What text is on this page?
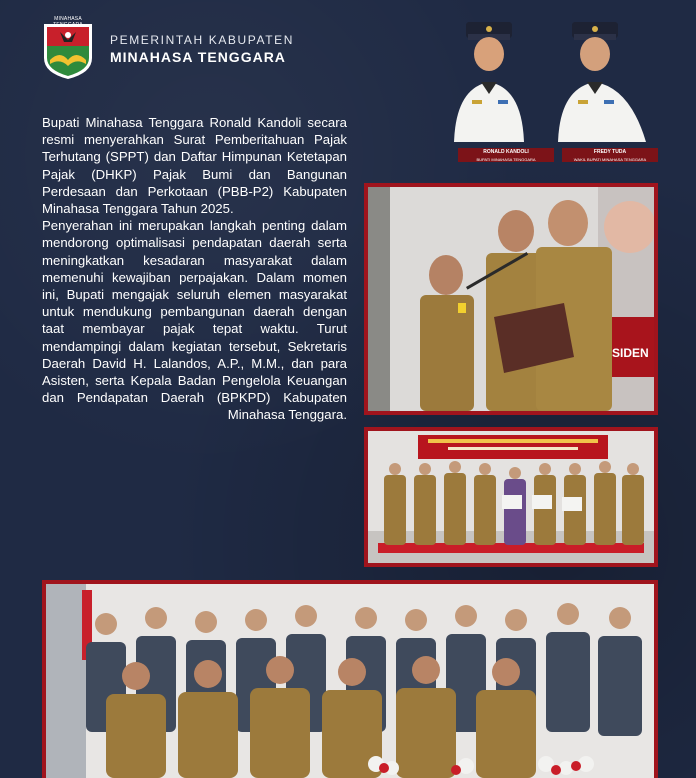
MINAHASA TENGGARA
PEMERINTAH KABUPATEN
MINAHASA TENGGARA
RONALD KANDOLI
BUPATI MINAHASA TENGGARA
FREDY TUDA
WAKIL BUPATI MINAHASA TENGGARA

Bupati Minahasa Tenggara Ronald Kandoli secara resmi menyerahkan Surat Pemberitahuan Pajak Terhutang (SPPT) dan Daftar Himpunan Ketetapan Pajak (DHKP) Pajak Bumi dan Bangunan Perdesaan dan Perkotaan (PBB-P2) Kabupaten Minahasa Tenggara Tahun 2025.

Penyerahan ini merupakan langkah penting dalam mendorong optimalisasi pendapatan daerah serta meningkatkan kesadaran masyarakat dalam memenuhi kewajiban perpajakan. Dalam momen ini, Bupati mengajak seluruh elemen masyarakat untuk mendukung pembangunan daerah dengan taat membayar pajak tepat waktu. Turut mendampingi dalam kegiatan tersebut, Sekretaris Daerah David H. Lalandos, A.P., M.M., dan para Asisten, serta Kepala Badan Pengelola Keuangan dan Pendapatan Daerah (BPKPD) Kabupaten Minahasa Tenggara.

SIDEN
